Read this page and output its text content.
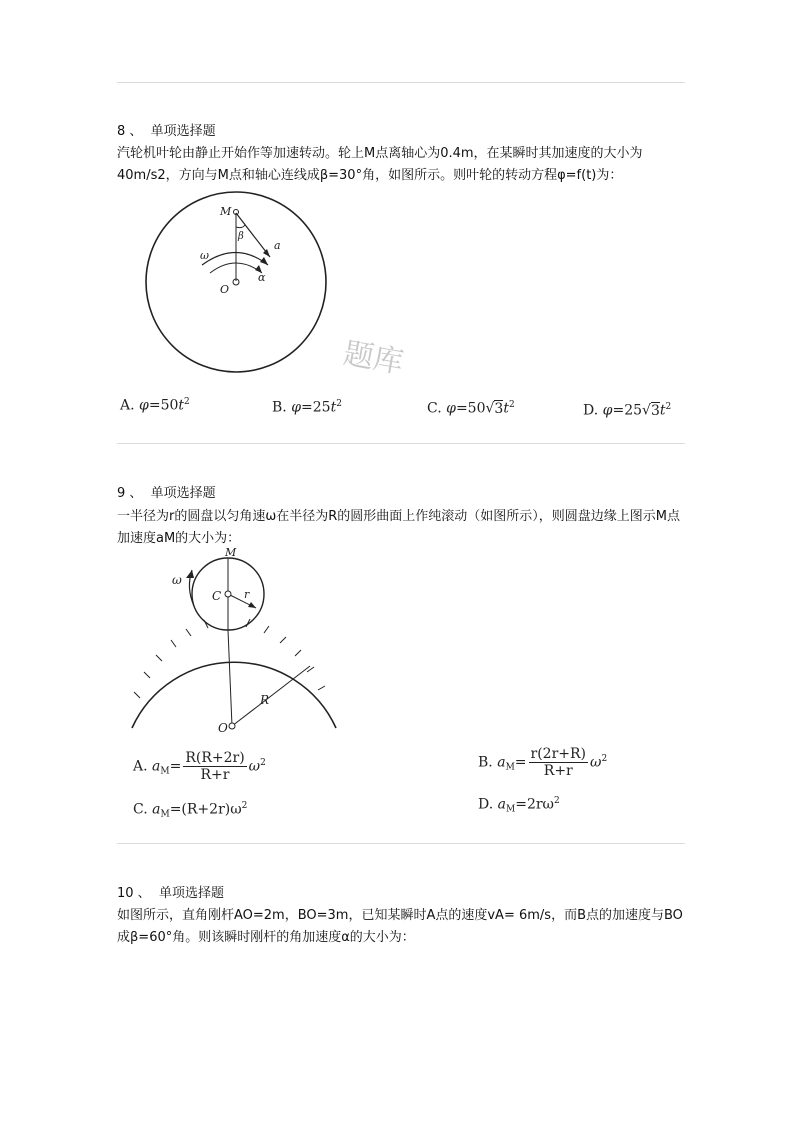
8 、 单项选择题
汽轮机叶轮由静止开始作等加速转动。轮上M点离轴心为0.4m，在某瞬时其加速度的大小为40m/s2，方向与M点和轴心连线成β=30°角，如图所示。则叶轮的转动方程φ=f(t)为：
M
β
a
ω
α
O
题库
A. $\varphi=50t^2$	B. $\varphi=25t^2$	C. $\varphi=50√3t^2$	D. $\varphi=25√3t^2$
9 、 单项选择题
一半径为r的圆盘以匀角速ω在半径为R的圆形曲面上作纯滚动（如图所示），则圆盘边缘上图示M点加速度aM的大小为：
M
ω
C r
R
O
A. $a_M= \frac{R(R+2r)}{R+r} \omega^2$	B. $a_M= \frac{r(2r+R)}{R+r} \omega^2$
C. $a_M=(R+2r)\omega^2$	D. $a_M=2r\omega^2$
10 、 单项选择题
如图所示，直角刚杆AO=2m，BO=3m，已知某瞬时A点的速度vA= 6m/s，而B点的加速度与BO成β=60°角。则该瞬时刚杆的角加速度α的大小为：
